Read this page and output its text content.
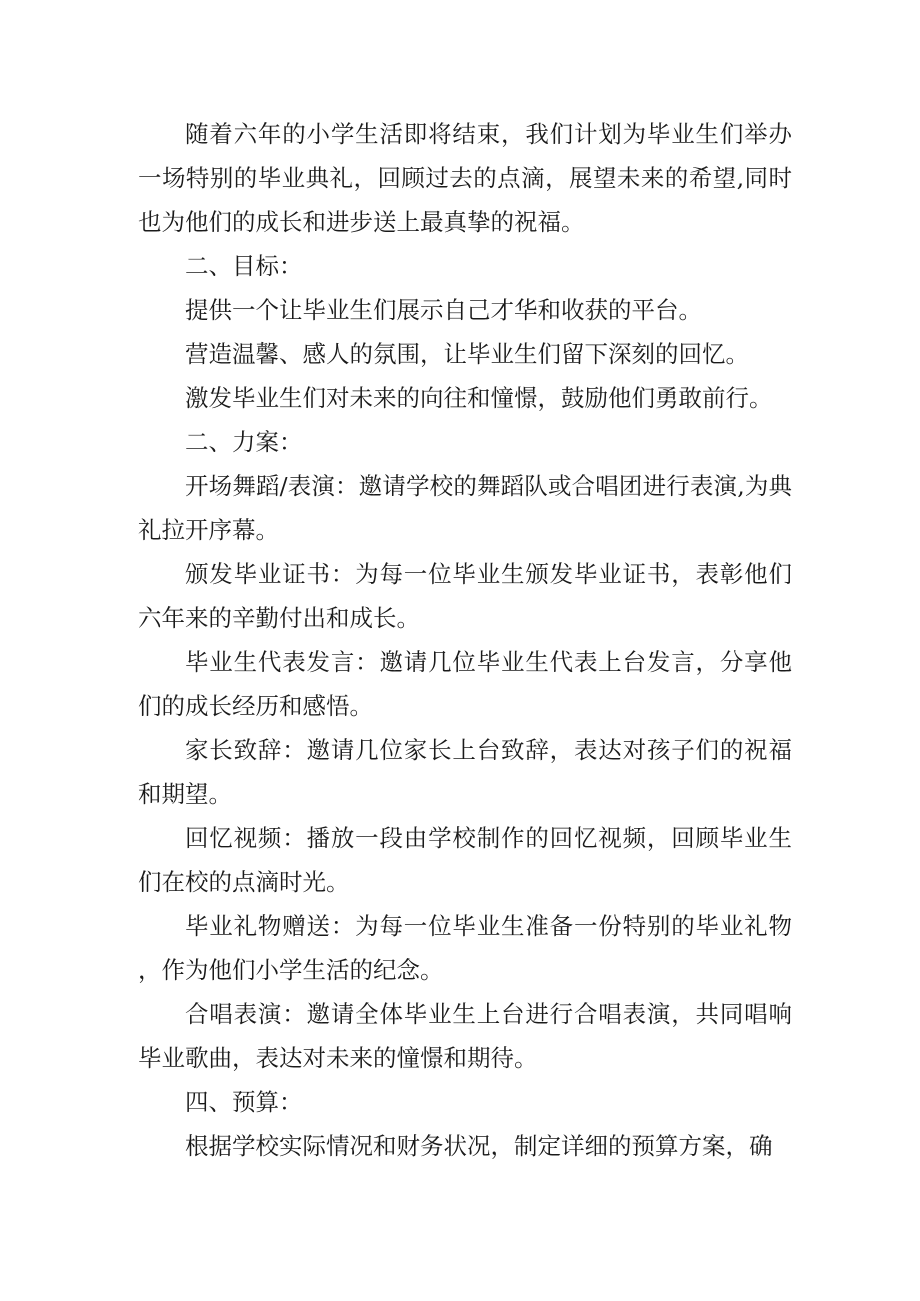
随着六年的小学生活即将结束，我们计划为毕业生们举办一场特别的毕业典礼，回顾过去的点滴，展望未来的希望,同时也为他们的成长和进步送上最真挚的祝福。

二、目标：

提供一个让毕业生们展示自己才华和收获的平台。

营造温馨、感人的氛围，让毕业生们留下深刻的回忆。

激发毕业生们对未来的向往和憧憬，鼓励他们勇敢前行。

二、力案：

开场舞蹈/表演：邀请学校的舞蹈队或合唱团进行表演,为典礼拉开序幕。

颁发毕业证书：为每一位毕业生颁发毕业证书，表彰他们六年来的辛勤付出和成长。

毕业生代表发言：邀请几位毕业生代表上台发言，分享他们的成长经历和感悟。

家长致辞：邀请几位家长上台致辞，表达对孩子们的祝福和期望。

回忆视频：播放一段由学校制作的回忆视频，回顾毕业生们在校的点滴时光。

毕业礼物赠送：为每一位毕业生准备一份特别的毕业礼物，作为他们小学生活的纪念。

合唱表演：邀请全体毕业生上台进行合唱表演，共同唱响毕业歌曲，表达对未来的憧憬和期待。

四、预算：

根据学校实际情况和财务状况，制定详细的预算方案，确
